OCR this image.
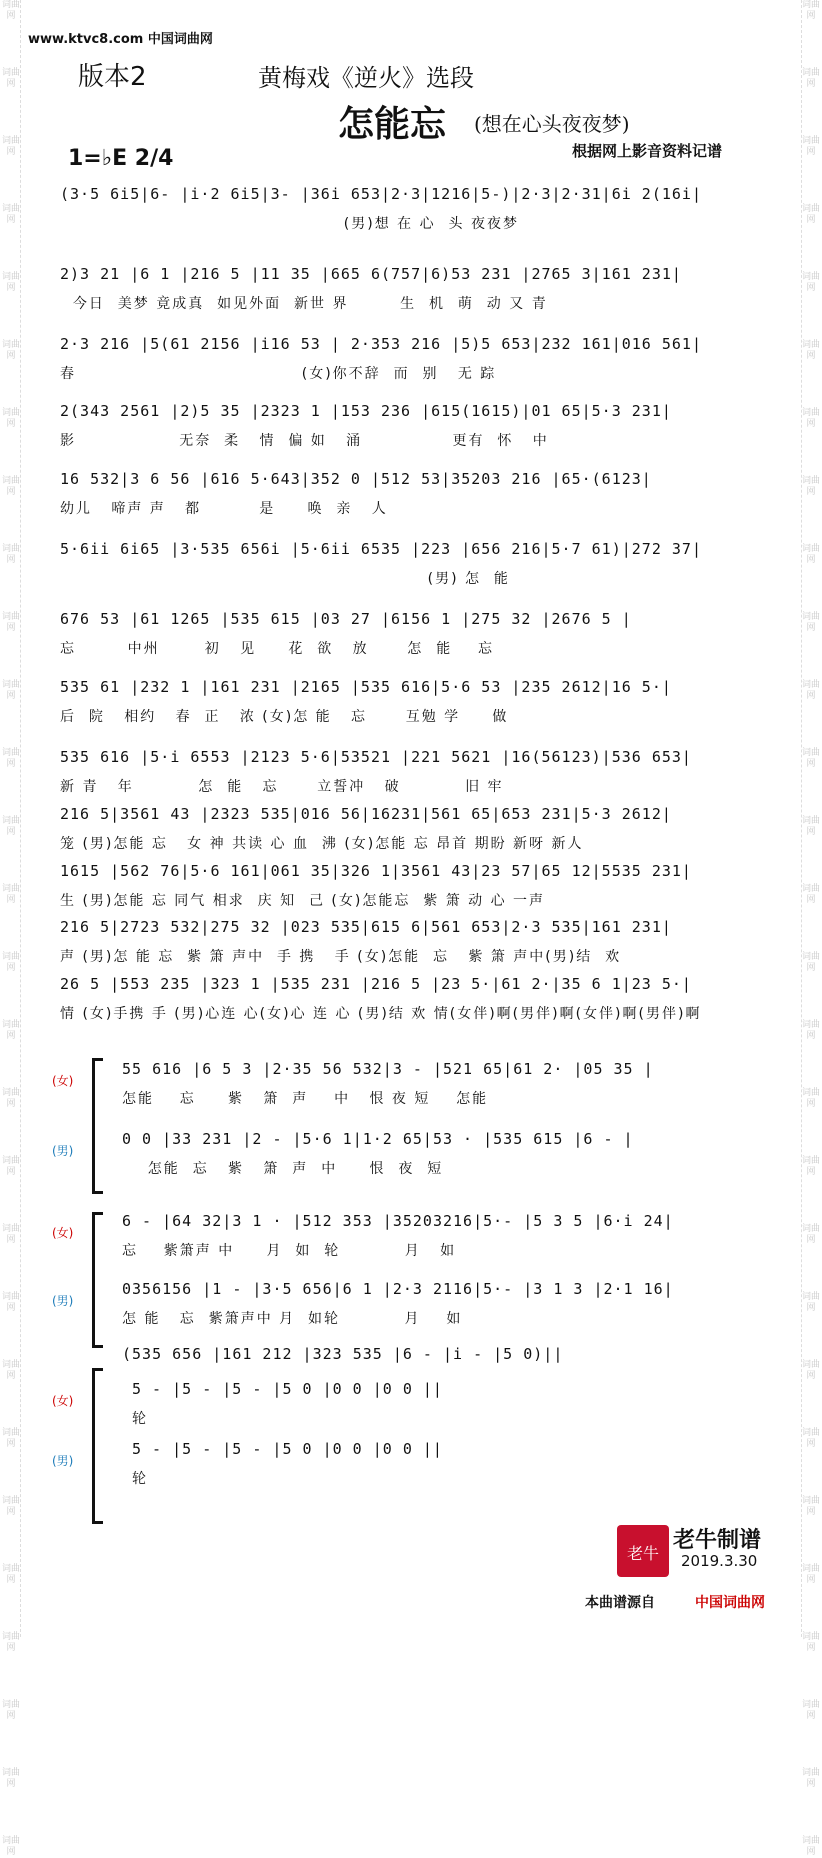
词曲网
词曲网
词曲网
词曲网
词曲网
词曲网
词曲网
词曲网
词曲网
词曲网
词曲网
词曲网
词曲网
词曲网
词曲网
词曲网
词曲网
词曲网
词曲网
词曲网
词曲网
词曲网
词曲网
词曲网
词曲网
词曲网
词曲网
词曲网
词曲网
词曲网
词曲网
词曲网
词曲网
词曲网
词曲网
词曲网
词曲网
词曲网
词曲网
词曲网
词曲网
词曲网
词曲网
词曲网
词曲网
词曲网
词曲网
词曲网
词曲网
词曲网
词曲网
词曲网
词曲网
词曲网
词曲网
词曲网
www.ktvc8.com 中国词曲网
版本2	黄梅戏《逆火》选段
怎能忘 (想在心头夜夜梦)
1=♭E 2/4	根据网上影音资料记谱
(3·5 6i5|6- |i·2 6i5|3- |36i 653|2·3|1216|5-)|2·3|2·31|6i 2(16i|
(男)想 在 心  头 夜夜梦
2)3 21 |6 1 |216 5 |11 35 |665 6(757|6)53 231 |2765 3|161 231|
今日  美梦 竟成真  如见外面  新世 界        生  机  萌  动 又 青
2·3 216 |5(61 2156 |i16 53 | 2·353 216 |5)5 653|232 161|016 561|
春                                   (女)你不辞  而  别   无 踪
2(343 2561 |2)5 35 |2323 1 |153 236 |615(1615)|01 65|5·3 231|
影                无奈  柔   情  偏 如   涌              更有  怀   中
16 532|3 6 56 |616 5·643|352 0 |512 53|35203 216 |65·(6123|
幼儿   啼声 声   都         是     唤  亲   人
5·6ii 6i65 |3·535 656i |5·6ii 6535 |223 |656 216|5·7 61)|272 37|
(男) 怎  能
676 53 |61 1265 |535 615 |03 27 |6156 1 |275 32 |2676 5 |
忘        中州       初   见     花  欲   放      怎  能    忘
535 61 |232 1 |161 231 |2165 |535 616|5·6 53 |235 2612|16 5·|
后  院   相约   春  正   浓 (女)怎 能   忘      互勉 学     做
535 616 |5·i 6553 |2123 5·6|53521 |221 5621 |16(56123)|536 653|
新 青   年          怎  能   忘      立誓冲   破          旧 牢
216 5|3561 43 |2323 535|016 56|16231|561 65|653 231|5·3 2612|
笼 (男)怎能 忘   女 神 共读 心 血  沸 (女)怎能 忘 昂首 期盼 新呀 新人
1615 |562 76|5·6 161|061 35|326 1|3561 43|23 57|65 12|5535 231|
生 (男)怎能 忘 同气 相求  庆 知  己 (女)怎能忘  紫 箫 动 心 一声
216 5|2723 532|275 32 |023 535|615 6|561 653|2·3 535|161 231|
声 (男)怎 能 忘  紫 箫 声中  手 携   手 (女)怎能  忘   紫 箫 声中(男)结  欢
26 5 |553 235 |323 1 |535 231 |216 5 |23 5·|61 2·|35 6 1|23 5·|
情 (女)手携 手 (男)心连 心(女)心 连 心 (男)结 欢 情(女伴)啊(男伴)啊(女伴)啊(男伴)啊
55 616 |6 5 3 |2·35 56 532|3 - |521 65|61 2· |05 35 |
怎能    忘     紫   箫  声    中   恨 夜 短    怎能
(女)
0 0 |33 231 |2 - |5·6 1|1·2 65|53 · |535 615 |6 - |
怎能  忘   紫   箫  声  中     恨  夜  短
(男)
6 - |64 32|3 1 · |512 353 |35203216|5·- |5 3 5 |6·i 24|
忘    紫箫声 中     月  如  轮          月   如
(女)
0356156 |1 - |3·5 656|6 1 |2·3 2116|5·- |3 1 3 |2·1 16|
怎 能   忘  紫箫声中 月  如轮          月    如
(男)
(535 656 |161 212 |323 535 |6 - |i - |5 0)||
5 - |5 - |5 - |5 0 |0 0 |0 0 ||
轮
(女)
5 - |5 - |5 - |5 0 |0 0 |0 0 ||
轮
(男)
老牛
老牛制谱
2019.3.30
本曲谱源自	中国词曲网
